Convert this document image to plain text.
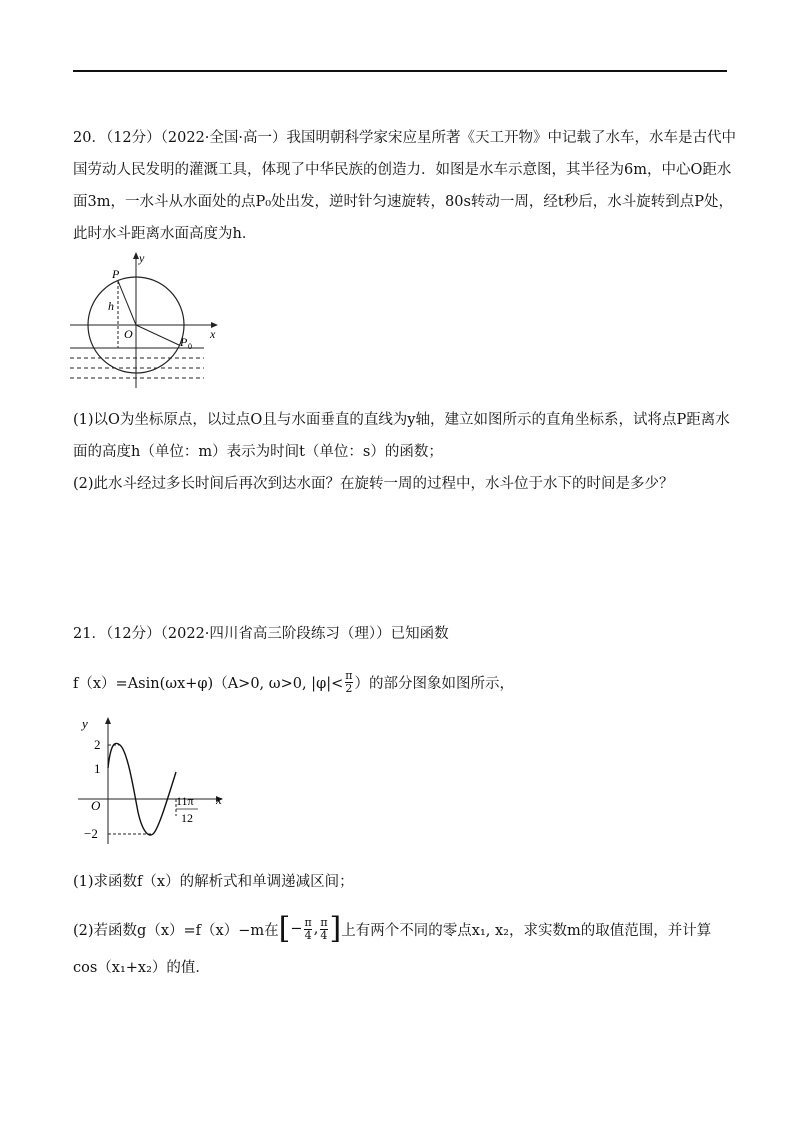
20．（12分）（2022·全国·高一）我国明朝科学家宋应星所著《天工开物》中记载了水车，水车是古代中
国劳动人民发明的灌溉工具，体现了中华民族的创造力．如图是水车示意图，其半径为6m，中心O距水
面3m，一水斗从水面处的点P₀处出发，逆时针匀速旋转，80s转动一周，经t秒后，水斗旋转到点P处，
此时水斗距离水面高度为h．
y
x
P
h
O
P 0
(1)以O为坐标原点，以过点O且与水面垂直的直线为y轴，建立如图所示的直角坐标系，试将点P距离水
面的高度h（单位：m）表示为时间t（单位：s）的函数；
(2)此水斗经过多长时间后再次到达水面？在旋转一周的过程中，水斗位于水下的时间是多少？
21．（12分）（2022·四川省高三阶段练习（理））已知函数
f（x）=Asin(ωx+φ)（A>0, ω>0, $|\varphi|< \frac{\pi}{2}$ ）的部分图象如图所示，
y
x
O
2
1
−2
11π
12
(1)求函数f（x）的解析式和单调递减区间；
(2)若函数g（x）=f（x）−m在 [ − $\frac{\pi}{4}$ , $\frac{\pi}{4}$ ] 上有两个不同的零点x₁, x₂，求实数m的取值范围，并计算
cos（x₁+x₂）的值．
